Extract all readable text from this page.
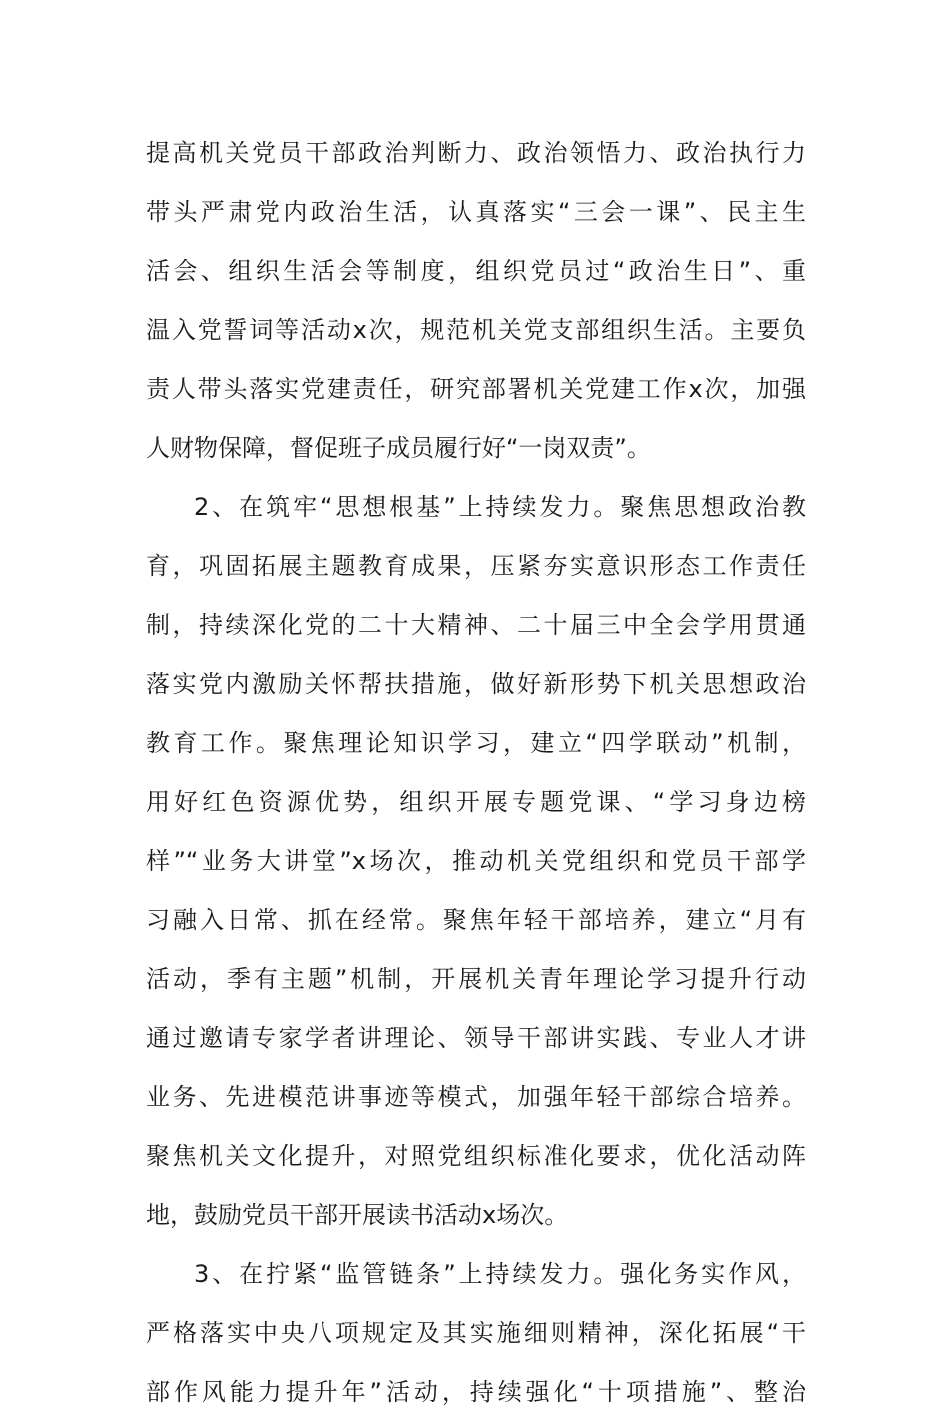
提高机关党员干部政治判断力、政治领悟力、政治执行力
带头严肃党内政治生活，认真落实“三会一课”、民主生
活会、组织生活会等制度，组织党员过“政治生日”、重
温入党誓词等活动x次，规范机关党支部组织生活。主要负
责人带头落实党建责任，研究部署机关党建工作x次，加强
人财物保障，督促班子成员履行好“一岗双责”。
2、在筑牢“思想根基”上持续发力。聚焦思想政治教
育，巩固拓展主题教育成果，压紧夯实意识形态工作责任
制，持续深化党的二十大精神、二十届三中全会学用贯通
落实党内激励关怀帮扶措施，做好新形势下机关思想政治
教育工作。聚焦理论知识学习，建立“四学联动”机制，
用好红色资源优势，组织开展专题党课、“学习身边榜
样”“业务大讲堂”x场次，推动机关党组织和党员干部学
习融入日常、抓在经常。聚焦年轻干部培养，建立“月有
活动，季有主题”机制，开展机关青年理论学习提升行动
通过邀请专家学者讲理论、领导干部讲实践、专业人才讲
业务、先进模范讲事迹等模式，加强年轻干部综合培养。
聚焦机关文化提升，对照党组织标准化要求，优化活动阵
地，鼓励党员干部开展读书活动x场次。
3、在拧紧“监管链条”上持续发力。强化务实作风，
严格落实中央八项规定及其实施细则精神，深化拓展“干
部作风能力提升年”活动，持续强化“十项措施”、整治
